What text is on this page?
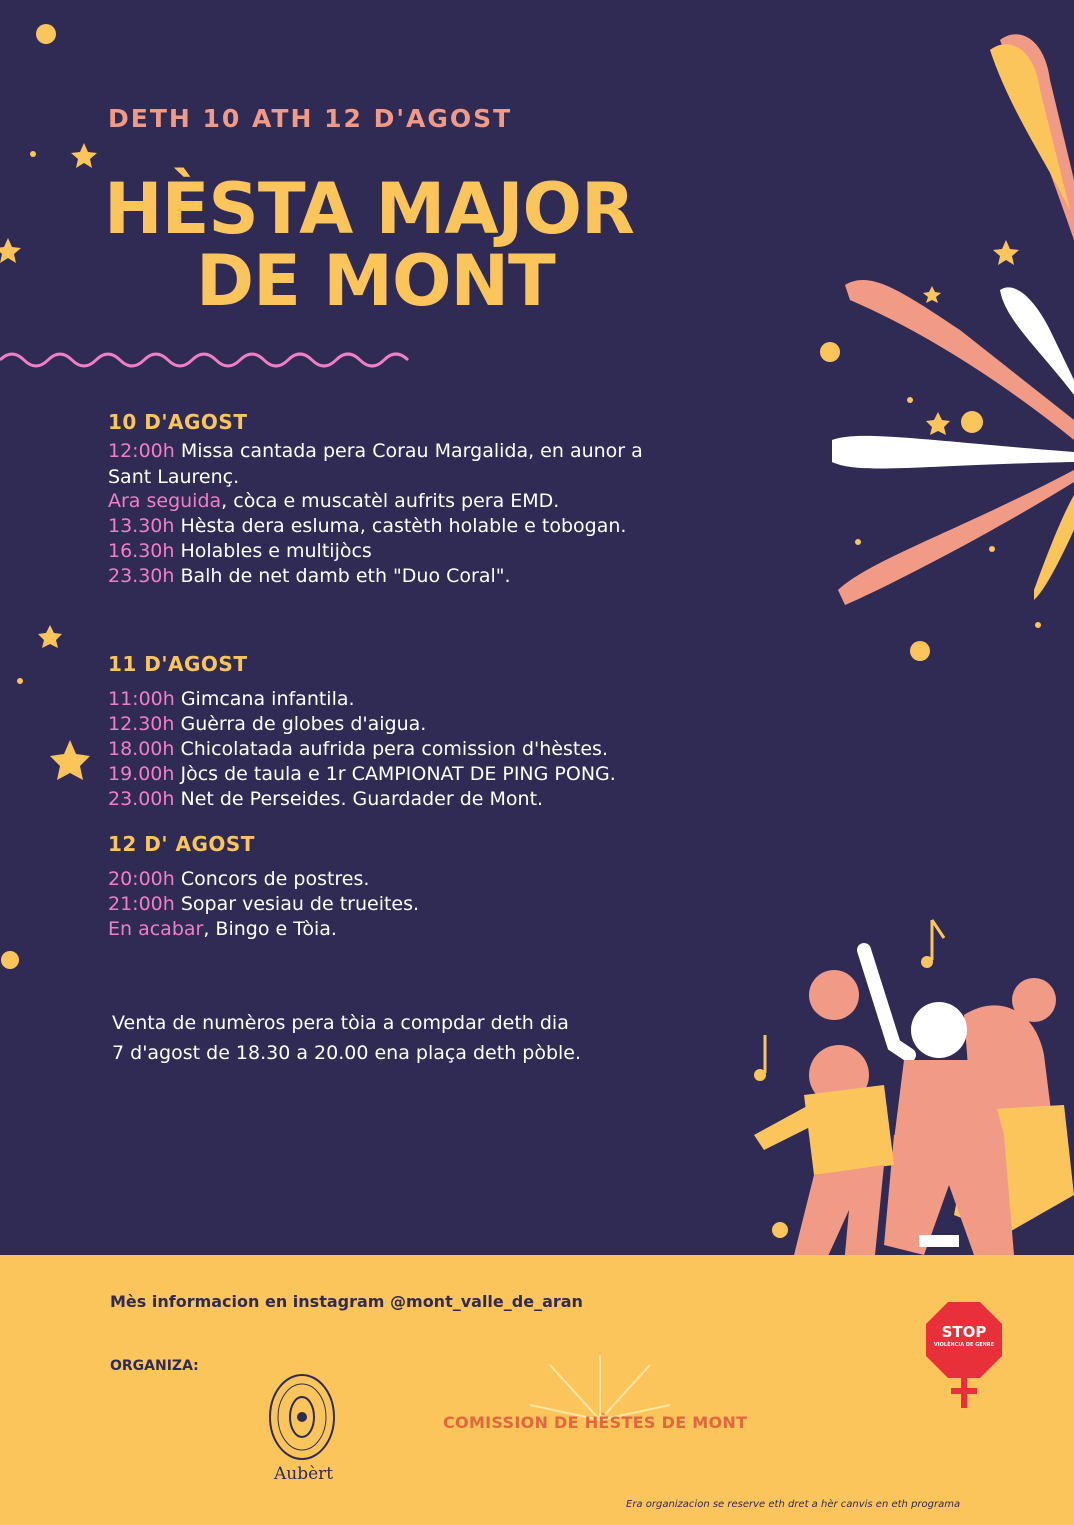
DETH 10 ATH 12 D'AGOST
HÈSTA MAJOR
DE MONT
10 D'AGOST
12:00h Missa cantada pera Corau Margalida, en aunor a
Sant Laurenç.
Ara seguida, còca e muscatèl aufrits pera EMD.
13.30h Hèsta dera esluma, castèth holable e tobogan.
16.30h Holables e multijòcs
23.30h Balh de net damb eth "Duo Coral".
11 D'AGOST
11:00h Gimcana infantila.
12.30h Guèrra de globes d'aigua.
18.00h Chicolatada aufrida pera comission d'hèstes.
19.00h Jòcs de taula e 1r CAMPIONAT DE PING PONG.
23.00h Net de Perseides. Guardader de Mont.
12 D' AGOST
20:00h Concors de postres.
21:00h Sopar vesiau de trueites.
En acabar, Bingo e Tòia.
Venta de numèros pera tòia a compdar deth dia
7 d'agost de 18.30 a 20.00 ena plaça deth pòble.
Mès informacion en instagram @mont_valle_de_aran
ORGANIZA:
Aubèrt
COMISSION DE HÈSTES DE MONT
STOP
VIOLÈNCIA DE GENRE
Era organizacion se reserve eth dret a hèr canvis en eth programa
